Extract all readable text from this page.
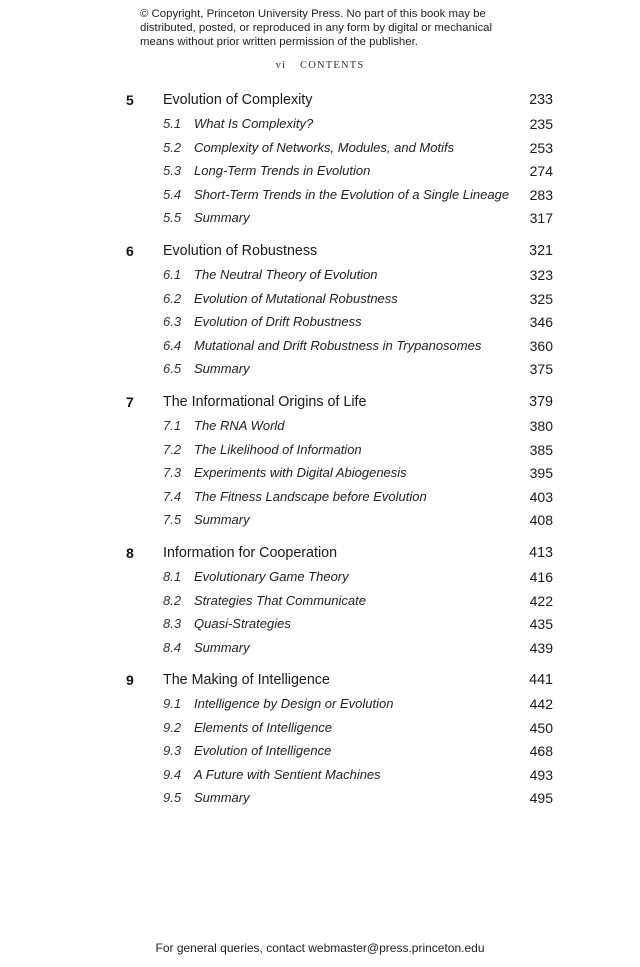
© Copyright, Princeton University Press. No part of this book may be distributed, posted, or reproduced in any form by digital or mechanical means without prior written permission of the publisher.
vi CONTENTS
5 Evolution of Complexity	233
5.1 What Is Complexity?	235
5.2 Complexity of Networks, Modules, and Motifs	253
5.3 Long-Term Trends in Evolution	274
5.4 Short-Term Trends in the Evolution of a Single Lineage 283
5.5 Summary	317
6 Evolution of Robustness	321
6.1 The Neutral Theory of Evolution	323
6.2 Evolution of Mutational Robustness	325
6.3 Evolution of Drift Robustness	346
6.4 Mutational and Drift Robustness in Trypanosomes	360
6.5 Summary	375
7 The Informational Origins of Life	379
7.1 The RNA World	380
7.2 The Likelihood of Information	385
7.3 Experiments with Digital Abiogenesis	395
7.4 The Fitness Landscape before Evolution	403
7.5 Summary	408
8 Information for Cooperation	413
8.1 Evolutionary Game Theory	416
8.2 Strategies That Communicate	422
8.3 Quasi-Strategies	435
8.4 Summary	439
9 The Making of Intelligence	441
9.1 Intelligence by Design or Evolution	442
9.2 Elements of Intelligence	450
9.3 Evolution of Intelligence	468
9.4 A Future with Sentient Machines	493
9.5 Summary	495
For general queries, contact webmaster@press.princeton.edu
